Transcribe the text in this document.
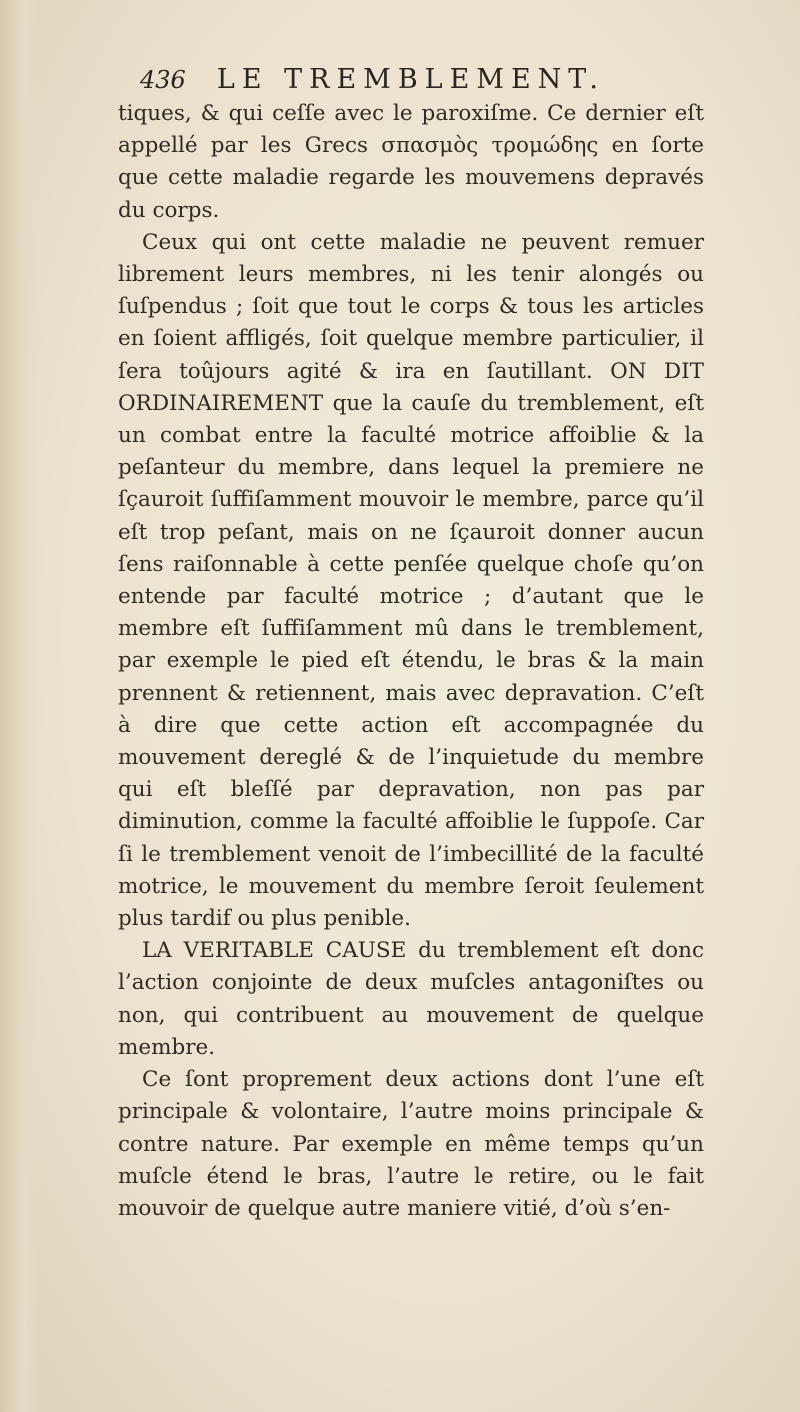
436 LE TREMBLEMENT.

tiques, & qui ceſſe avec le paroxiſme. Ce dernier eſt appellé par les Grecs σπασμὸς τρομώδης en ſorte que cette maladie regarde les mouvemens depravés du corps.

Ceux qui ont cette maladie ne peuvent remuer librement leurs membres, ni les tenir alongés ou ſuſpendus ; ſoit que tout le corps & tous les articles en ſoient affligés, ſoit quelque membre particulier, il ſera toûjours agité & ira en ſautillant. ON DIT ORDINAIREMENT que la cauſe du tremblement, eſt un combat entre la faculté motrice affoiblie & la peſanteur du membre, dans lequel la premiere ne ſçauroit ſuffiſamment mouvoir le membre, parce qu’il eſt trop peſant, mais on ne ſçauroit donner aucun ſens raiſonnable à cette penſée quelque choſe qu’on entende par faculté motrice ; d’autant que le membre eſt ſuffiſamment mû dans le tremblement, par exemple le pied eſt étendu, le bras & la main prennent & retiennent, mais avec depravation. C’eſt à dire que cette action eſt accompagnée du mouvement dereglé & de l’inquietude du membre qui eſt bleſſé par depravation, non pas par diminution, comme la faculté affoiblie le ſuppoſe. Car ſi le tremblement venoit de l’imbecillité de la faculté motrice, le mouvement du membre ſeroit ſeulement plus tardif ou plus penible.

LA VERITABLE CAUSE du tremblement eſt donc l’action conjointe de deux muſcles antagoniſtes ou non, qui contribuent au mouvement de quelque membre.

Ce ſont proprement deux actions dont l’une eſt principale & volontaire, l’autre moins principale & contre nature. Par exemple en même temps qu’un muſcle étend le bras, l’autre le retire, ou le fait mouvoir de quelque autre maniere vitié, d’où s’en-
